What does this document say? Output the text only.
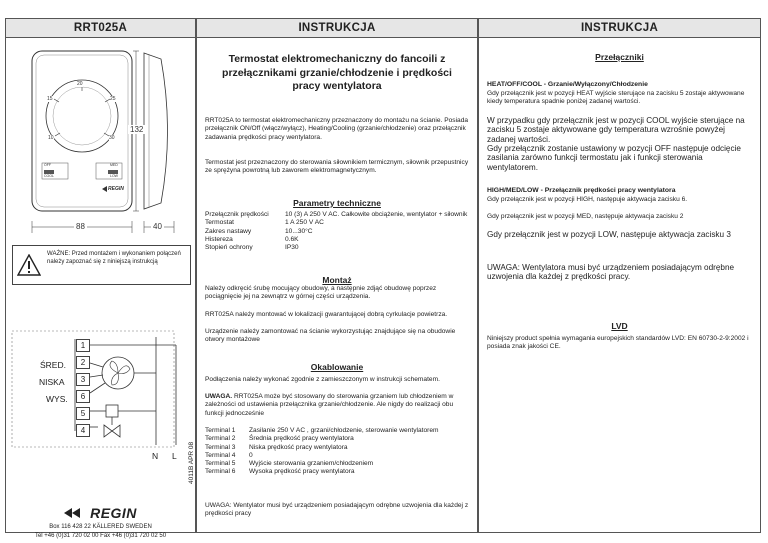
RRT025A
132
88	40
20
15	25
10	30
OFF
COOL
MED
LOW
REGIN
WAŻNE: Przed montażem i wykonaniem połączeń należy zapoznać się z niniejszą instrukcją
1
2
3
6
5
4
ŚRED.
NISKA
WYS.
N L
REGIN
Box 116 428 22 KÄLLERED SWEDEN
Tel +46 (0)31 720 02 00 Fax +46 (0)31 720 02 50
4011B APR 08
INSTRUKCJA
Termostat elektromechaniczny do fancoili z przełącznikami grzanie/chłodzenie i prędkości pracy wentylatora
RRT025A to termostat elektromechaniczny przeznaczony do montażu na ścianie. Posiada przełącznik ON/Off (włącz/wyłącz), Heating/Cooling (grzanie/chłodzenie) oraz przełącznik zadawania prędkości pracy wentylatora.
Termostat jest przeznaczony do sterowania siłownikiem termicznym, siłownik przepustnicy ze sprężyna powrotną lub zaworem elektromagnetycznym.
Parametry techniczne
Przełącznik prędkości	10 (3) A 250 V AC. Całkowite obciążenie, wentylator + siłownik
Termostat	1 A 250 V AC
Zakres nastawy	10...30°C
Histereza	0.6K
Stopień ochrony	IP30
Montaż
Należy odkręcić śrubę mocujący obudowy, a następnie zdjąć obudowę poprzez pociągnięcie jej na zewnątrz w górnej części urządzenia.
RRT025A należy montować w lokalizacji gwarantującej dobrą cyrkulacje powietrza.
Urządzenie należy zamontować na ścianie wykorzystując znajdujące się na obudowie otwory montażowe
Okablowanie
Podłączenia należy wykonać zgodnie z zamieszczonym w instrukcji schematem.
UWAGA. RRT025A może być stosowany do sterowania grzaniem lub chłodzeniem w zależności od ustawienia przełącznika grzanie/chłodzenie. Ale nigdy do realizacji obu funkcji jednocześnie
Terminal 1	Zasilanie 250 V AC , grzani/chłodzenie, sterowanie wentylatorem
Terminal 2	Średnia prędkość pracy wentylatora
Terminal 3	Niska prędkość pracy wentylatora
Terminal 4	0
Terminal 5	Wyjście sterowania grzaniem/chłodzeniem
Terminal 6	Wysoka prędkość pracy wentylatora
UWAGA: Wentylator musi być urządzeniem posiadającym odrębne uzwojenia dla każdej z prędkości pracy
INSTRUKCJA
Przełączniki
HEAT/OFF/COOL - Grzanie/Wyłączony/Chłodzenie
Gdy przełącznik jest w pozycji HEAT wyjście sterujące na zacisku 5 zostaje aktywowane kiedy temperatura spadnie poniżej zadanej wartości.
W przypadku gdy przełącznik jest w pozycji COOL wyjście sterujące na zacisku 5 zostaje aktywowane gdy temperatura wzrośnie powyżej zadanej wartości.
Gdy przełącznik zostanie ustawiony w pozycji OFF następuje odcięcie zasilania zarówno funkcji termostatu jak i funkcji sterowania wentylatorem.
HIGH/MED/LOW - Przełącznik prędkości pracy wentylatora
Gdy przełącznik jest w pozycji HIGH, następuje aktywacja zacisku 6.
Gdy przełącznik jest w pozycji MED, następuje aktywacja zacisku 2
Gdy przełącznik jest w pozycji LOW, następuje aktywacja zacisku 3
UWAGA: Wentylatora musi być urządzeniem posiadającym odrębne uzwojenia dla każdej z prędkości pracy.
LVD
Niniejszy product spełnia wymagania europejskich standardów LVD: EN 60730-2-9:2002 i posiada znak jakości CE.
